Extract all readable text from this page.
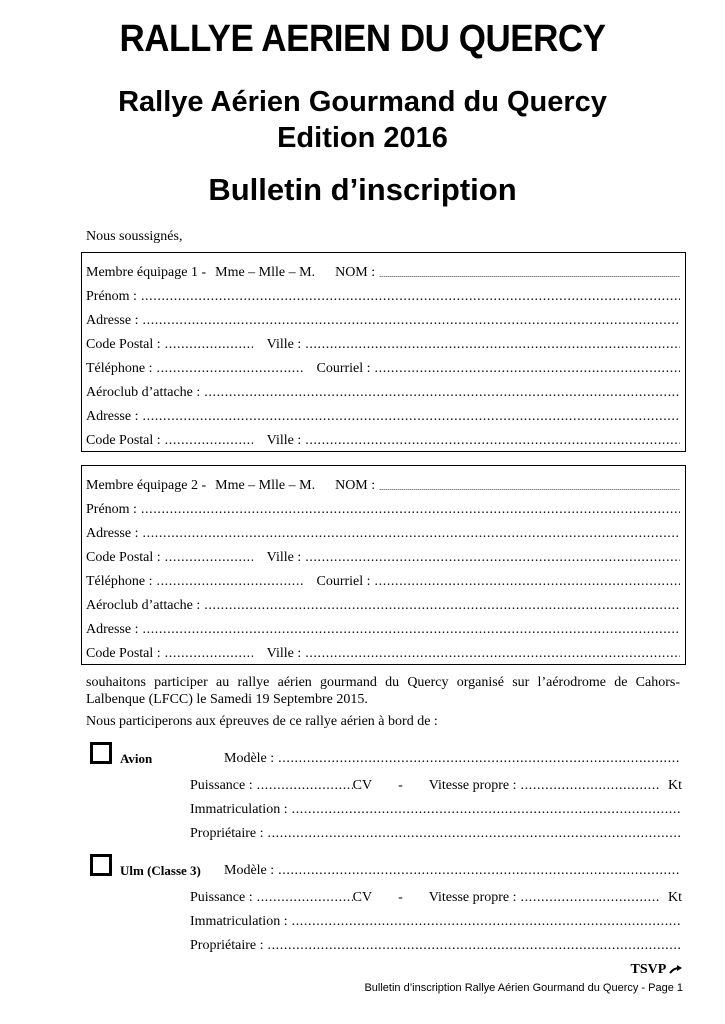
RALLYE AERIEN DU QUERCY
Rallye Aérien Gourmand du Quercy
Edition 2016
Bulletin d’inscription
Nous soussignés,
Membre équipage 1 - Mme – Mlle – M. NOM :
.....
Prénom :
.....
Adresse :
.....
Code Postal : .....	Ville :
.....
Téléphone : .....	Courriel :
.....
Aéroclub d’attache :
.....
Adresse :
.....
Code Postal : .....	Ville :
.....
Membre équipage 2 - Mme – Mlle – M. NOM :
.....
Prénom :
.....
Adresse :
.....
Code Postal : .....	Ville :
.....
Téléphone : .....	Courriel :
.....
Aéroclub d’attache :
.....
Adresse :
.....
Code Postal : .....	Ville :
.....
souhaitons participer au rallye aérien gourmand du Quercy organisé sur l’aérodrome de Cahors-Lalbenque (LFCC) le Samedi 19 Septembre 2015.
Nous participerons aux épreuves de ce rallye aérien à bord de :
Avion	Modèle :
.....
Puissance : .....	CV - Vitesse propre : .....	Kt
Immatriculation :
.....
Propriétaire :
.....
Ulm (Classe 3) Modèle :
.....
Puissance : .....	CV - Vitesse propre : .....	Kt
Immatriculation :
.....
Propriétaire :
.....
TSVP
Bulletin d’inscription Rallye Aérien Gourmand du Quercy - Page 1
